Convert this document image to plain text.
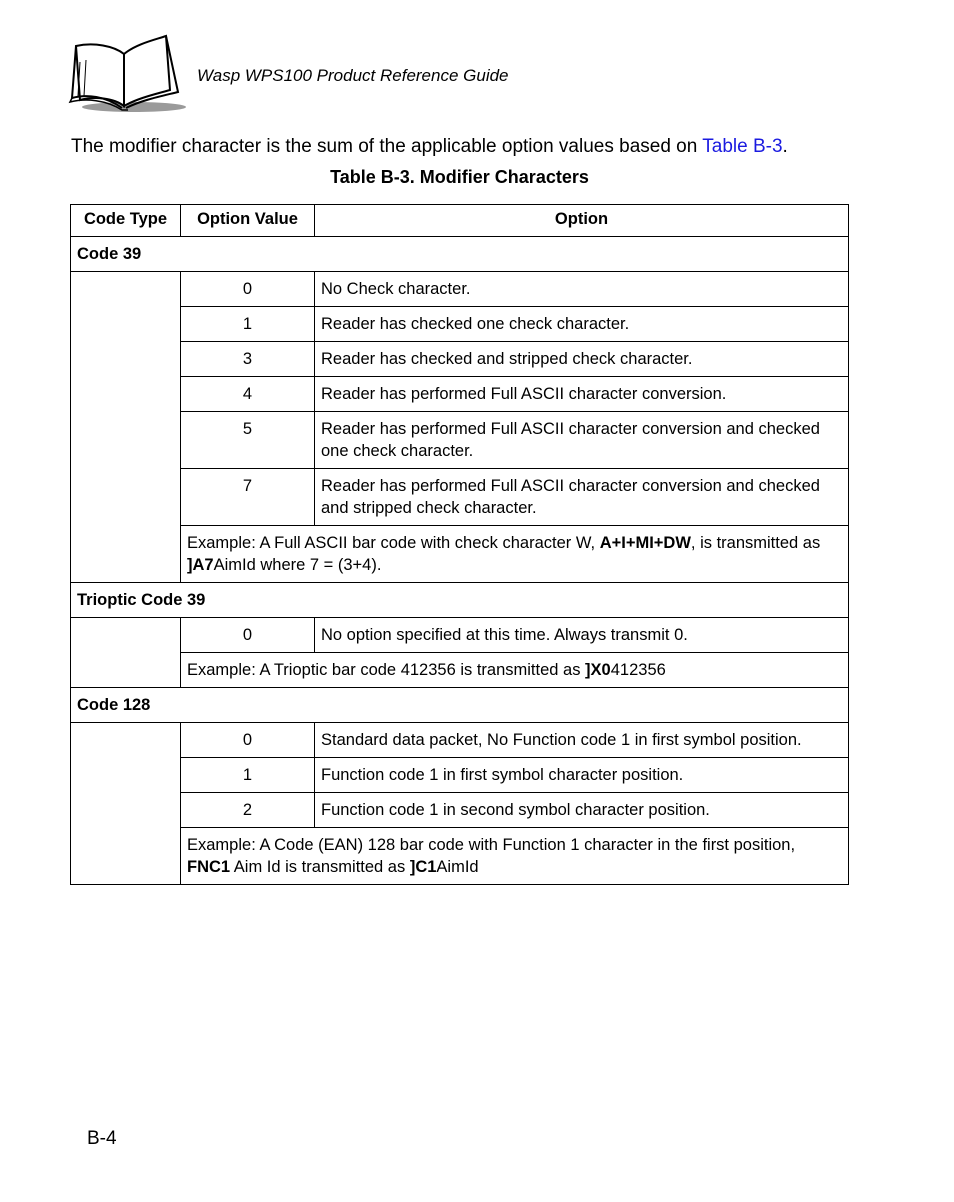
Wasp WPS100 Product Reference Guide
The modifier character is the sum of the applicable option values based on Table B-3.
Table B-3. Modifier Characters
Code Type	Option Value	Option
Code 39		
	0	No Check character.
	1	Reader has checked one check character.
	3	Reader has checked and stripped check character.
	4	Reader has performed Full ASCII character conversion.
	5	Reader has performed Full ASCII character conversion and checked one check character.
	7	Reader has performed Full ASCII character conversion and checked and stripped check character.
	Example: A Full ASCII bar code with check character W, A+I+MI+DW, is transmitted as ]A7AimId where 7 = (3+4).	
Trioptic Code 39		
	0	No option specified at this time. Always transmit 0.
	Example: A Trioptic bar code 412356 is transmitted as ]X0412356	
Code 128		
	0	Standard data packet, No Function code 1 in first symbol position.
	1	Function code 1 in first symbol character position.
	2	Function code 1 in second symbol character position.
	Example: A Code (EAN) 128 bar code with Function 1 character in the first position, FNC1 Aim Id is transmitted as ]C1AimId	
B-4
